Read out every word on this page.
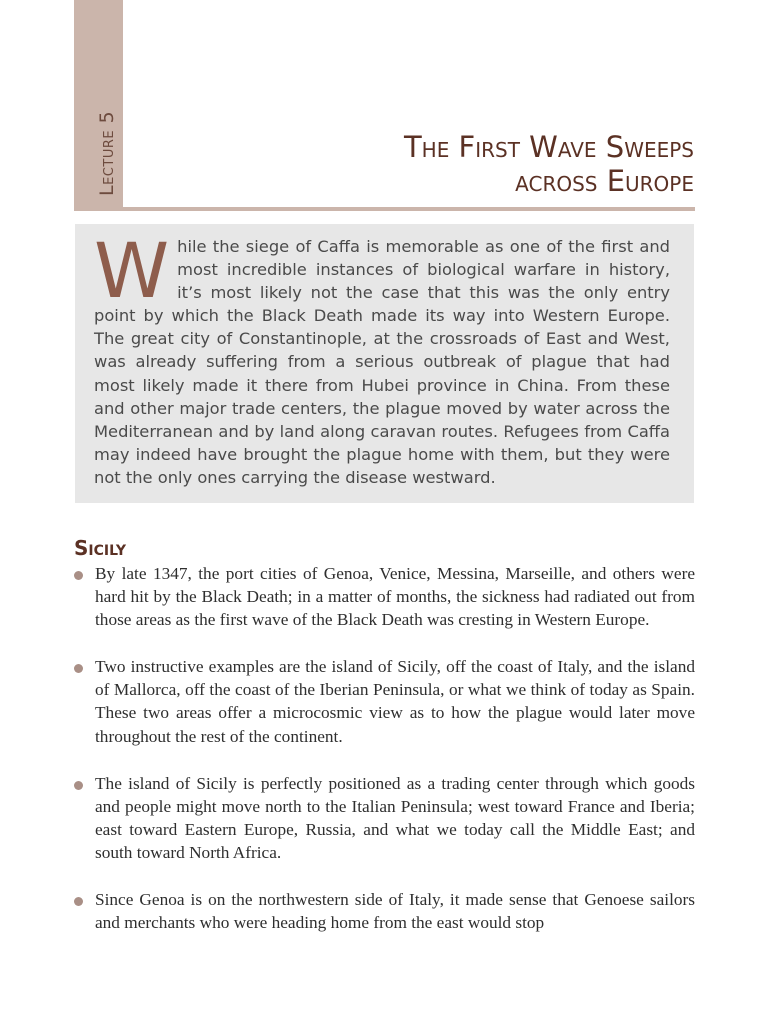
Lecture 5	The First Wave Sweeps
across Europe

While the siege of Caffa is memorable as one of the first and most incredible instances of biological warfare in history, it’s most likely not the case that this was the only entry point by which the Black Death made its way into Western Europe. The great city of Constantinople, at the crossroads of East and West, was already suffering from a serious outbreak of plague that had most likely made it there from Hubei province in China. From these and other major trade centers, the plague moved by water across the Mediterranean and by land along caravan routes. Refugees from Caffa may indeed have brought the plague home with them, but they were not the only ones carrying the disease westward.

Sicily
By late 1347, the port cities of Genoa, Venice, Messina, Marseille, and others were hard hit by the Black Death; in a matter of months, the sickness had radiated out from those areas as the first wave of the Black Death was cresting in Western Europe.
Two instructive examples are the island of Sicily, off the coast of Italy, and the island of Mallorca, off the coast of the Iberian Peninsula, or what we think of today as Spain. These two areas offer a microcosmic view as to how the plague would later move throughout the rest of the continent.
The island of Sicily is perfectly positioned as a trading center through which goods and people might move north to the Italian Peninsula; west toward France and Iberia; east toward Eastern Europe, Russia, and what we today call the Middle East; and south toward North Africa.
Since Genoa is on the northwestern side of Italy, it made sense that Genoese sailors and merchants who were heading home from the east would stop
